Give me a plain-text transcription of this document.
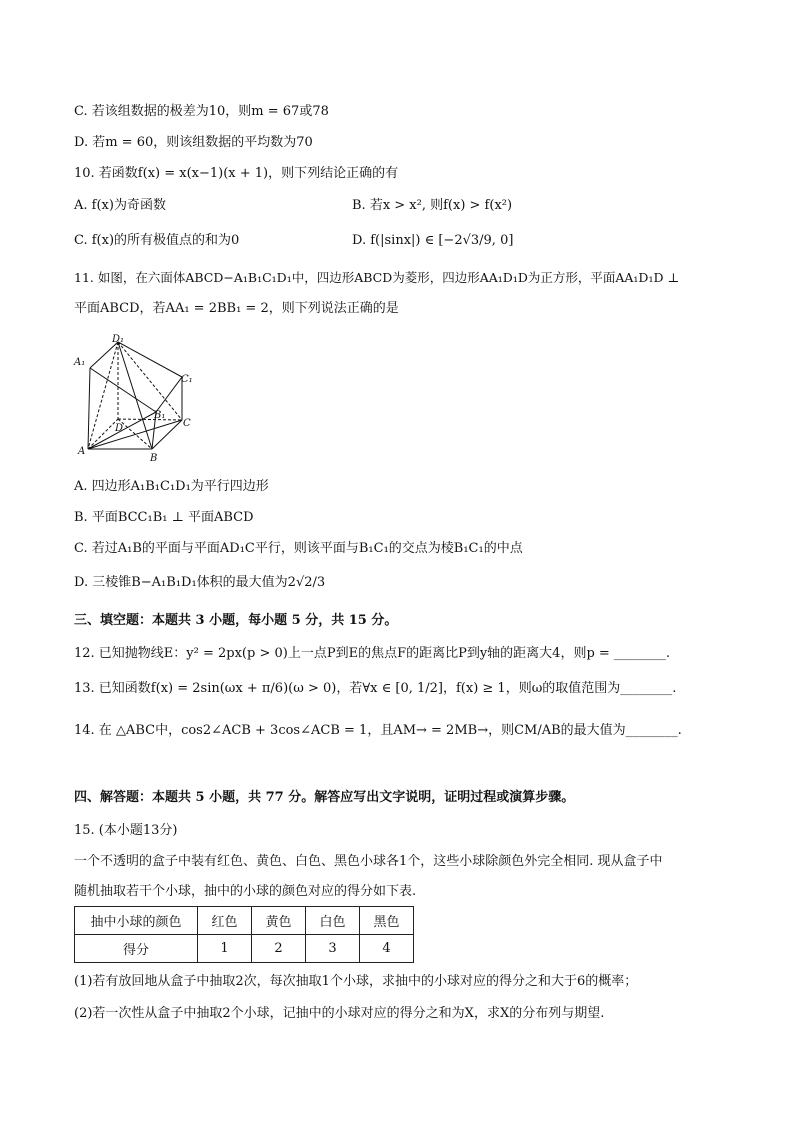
C. 若该组数据的极差为10，则m = 67或78
D. 若m = 60，则该组数据的平均数为70
10. 若函数f(x) = x(x−1)(x + 1)，则下列结论正确的有
A. f(x)为奇函数	B. 若x > x², 则f(x) > f(x²)
C. f(x)的所有极值点的和为0	D. f(|sinx|) ∈ [−2√3/9, 0]
11. 如图，在六面体ABCD−A₁B₁C₁D₁中，四边形ABCD为菱形，四边形AA₁D₁D为正方形，平面AA₁D₁D ⊥
平面ABCD，若AA₁ = 2BB₁ = 2，则下列说法正确的是
A₁
D₁
C₁
B₁
D	C
A
B
A. 四边形A₁B₁C₁D₁为平行四边形
B. 平面BCC₁B₁ ⊥ 平面ABCD
C. 若过A₁B的平面与平面AD₁C平行，则该平面与B₁C₁的交点为棱B₁C₁的中点
D. 三棱锥B−A₁B₁D₁体积的最大值为2√2/3
三、填空题：本题共 3 小题，每小题 5 分，共 15 分。
12. 已知抛物线E：y² = 2px(p > 0)上一点P到E的焦点F的距离比P到y轴的距离大4，则p = ________.
13. 已知函数f(x) = 2sin(ωx + π/6)(ω > 0)，若∀x ∈ [0, 1/2]，f(x) ≥ 1，则ω的取值范围为________.
14. 在 △ABC中，cos2∠ACB + 3cos∠ACB = 1，且AM→ = 2MB→，则CM/AB的最大值为________.
四、解答题：本题共 5 小题，共 77 分。解答应写出文字说明，证明过程或演算步骤。
15. (本小题13分)
一个不透明的盒子中装有红色、黄色、白色、黑色小球各1个，这些小球除颜色外完全相同. 现从盒子中
随机抽取若干个小球，抽中的小球的颜色对应的得分如下表.
抽中小球的颜色	红色	黄色	白色	黑色
得分	1	2	3	4
(1)若有放回地从盒子中抽取2次，每次抽取1个小球，求抽中的小球对应的得分之和大于6的概率；
(2)若一次性从盒子中抽取2个小球，记抽中的小球对应的得分之和为X，求X的分布列与期望.
